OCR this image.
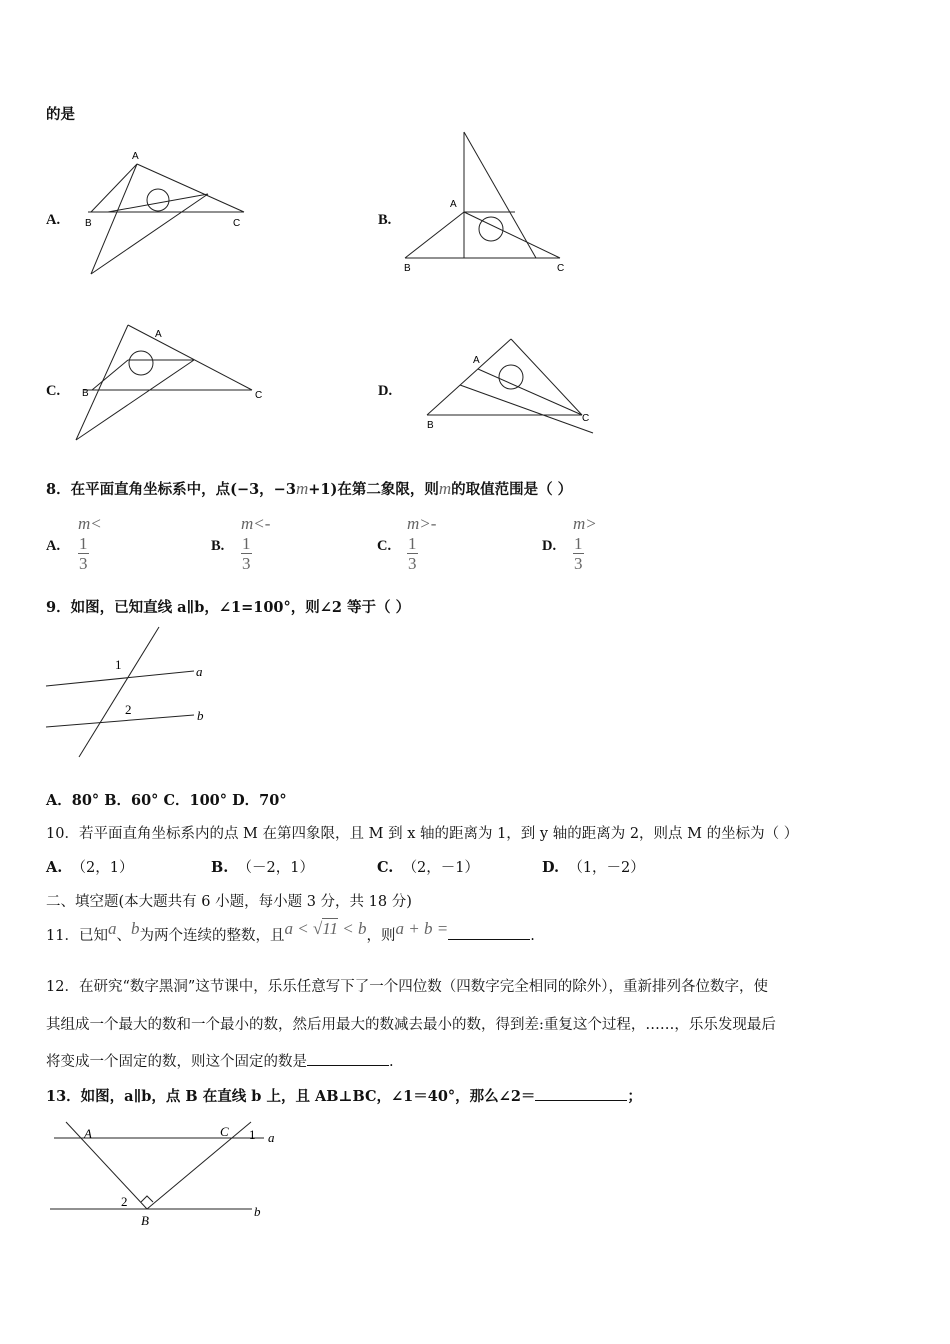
的是
A.
A
B	C	B.
A
B	C
C.
A
B	C	D.
A
B
C
8．在平面直角坐标系中，点(−3，−3m+1)在第二象限，则m的取值范围是（ ）
A.
m<
$\frac{1}{3}$	B.
m<-
$\frac{1}{3}$	C.
m>-
$\frac{1}{3}$	D.
m>
$\frac{1}{3}$
9．如图，已知直线 a∥b，∠1=100°，则∠2 等于（ ）
1
2
a
b
A．80° B．60° C．100° D．70°
10．若平面直角坐标系内的点 M 在第四象限，且 M 到 x 轴的距离为 1，到 y 轴的距离为 2，则点 M 的坐标为（ ）
A. （2，1）	B. （－2，1）	C. （2，－1）	D. （1，－2）
二、填空题(本大题共有 6 小题，每小题 3 分，共 18 分)
11．已知a、b为两个连续的整数，且a < √11 < b，则a + b =	.
12．在研究“数字黑洞”这节课中，乐乐任意写下了一个四位数（四数字完全相同的除外），重新排列各位数字，使
其组成一个最大的数和一个最小的数，然后用最大的数减去最小的数，得到差:重复这个过程，……，乐乐发现最后
将变成一个固定的数，则这个固定的数是	.
13．如图，a∥b，点 B 在直线 b 上，且 AB⊥BC，∠1＝40°，那么∠2＝	；
A	C 1 a
2
B
b
